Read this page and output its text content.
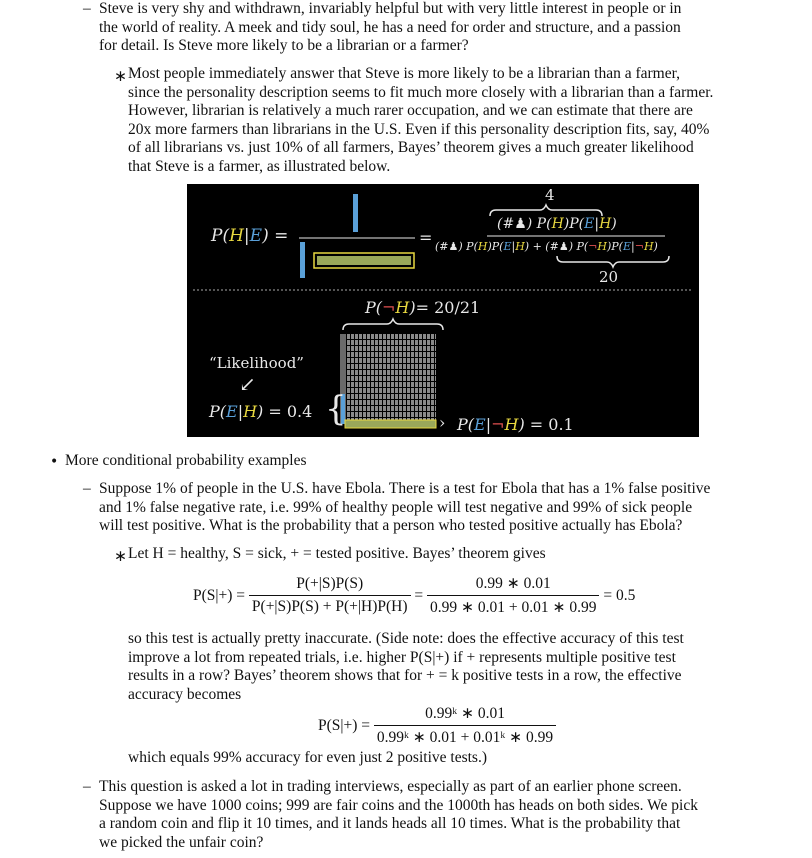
– Steve is very shy and withdrawn, invariably helpful but with very little interest in people or in
the world of reality. A meek and tidy soul, he has a need for order and structure, and a passion
for detail. Is Steve more likely to be a librarian or a farmer?
∗ Most people immediately answer that Steve is more likely to be a librarian than a farmer,
since the personality description seems to fit much more closely with a librarian than a farmer.
However, librarian is relatively a much rarer occupation, and we can estimate that there are
20x more farmers than librarians in the U.S. Even if this personality description fits, say, 40%
of all librarians vs. just 10% of all farmers, Bayes’ theorem gives a much greater likelihood
that Steve is a farmer, as illustrated below.
P(H|E) =	=
4
(#♟) P(H)P(E|H)
(#♟) P(H)P(E|H) + (#♟) P(¬H)P(E|¬H)
20
P(¬H)= 20/21
“Likelihood”
↙
P(E|H) = 0.4 {	› P(E|¬H) = 0.1
• More conditional probability examples
– Suppose 1% of people in the U.S. have Ebola. There is a test for Ebola that has a 1% false positive
and 1% false negative rate, i.e. 99% of healthy people will test negative and 99% of sick people
will test positive. What is the probability that a person who tested positive actually has Ebola?
∗ Let H = healthy, S = sick, + = tested positive. Bayes’ theorem gives
$P(S|+) = \frac{P(+|S)P(S)}{P(+|S)P(S) + P(+|H)P(H)} = \frac{0.99 ∗ 0.01}{0.99 ∗ 0.01 + 0.01 ∗ 0.99} = 0.5$
so this test is actually pretty inaccurate. (Side note: does the effective accuracy of this test
improve a lot from repeated trials, i.e. higher P(S|+) if + represents multiple positive test
results in a row? Bayes’ theorem shows that for + = k positive tests in a row, the effective
accuracy becomes
$P(S|+) = \frac{\text{0.99ᵏ ∗ 0.01}}{\text{0.99ᵏ ∗ 0.01 + 0.01ᵏ ∗ 0.99}}$
which equals 99% accuracy for even just 2 positive tests.)
– This question is asked a lot in trading interviews, especially as part of an earlier phone screen.
Suppose we have 1000 coins; 999 are fair coins and the 1000th has heads on both sides. We pick
a random coin and flip it 10 times, and it lands heads all 10 times. What is the probability that
we picked the unfair coin?
